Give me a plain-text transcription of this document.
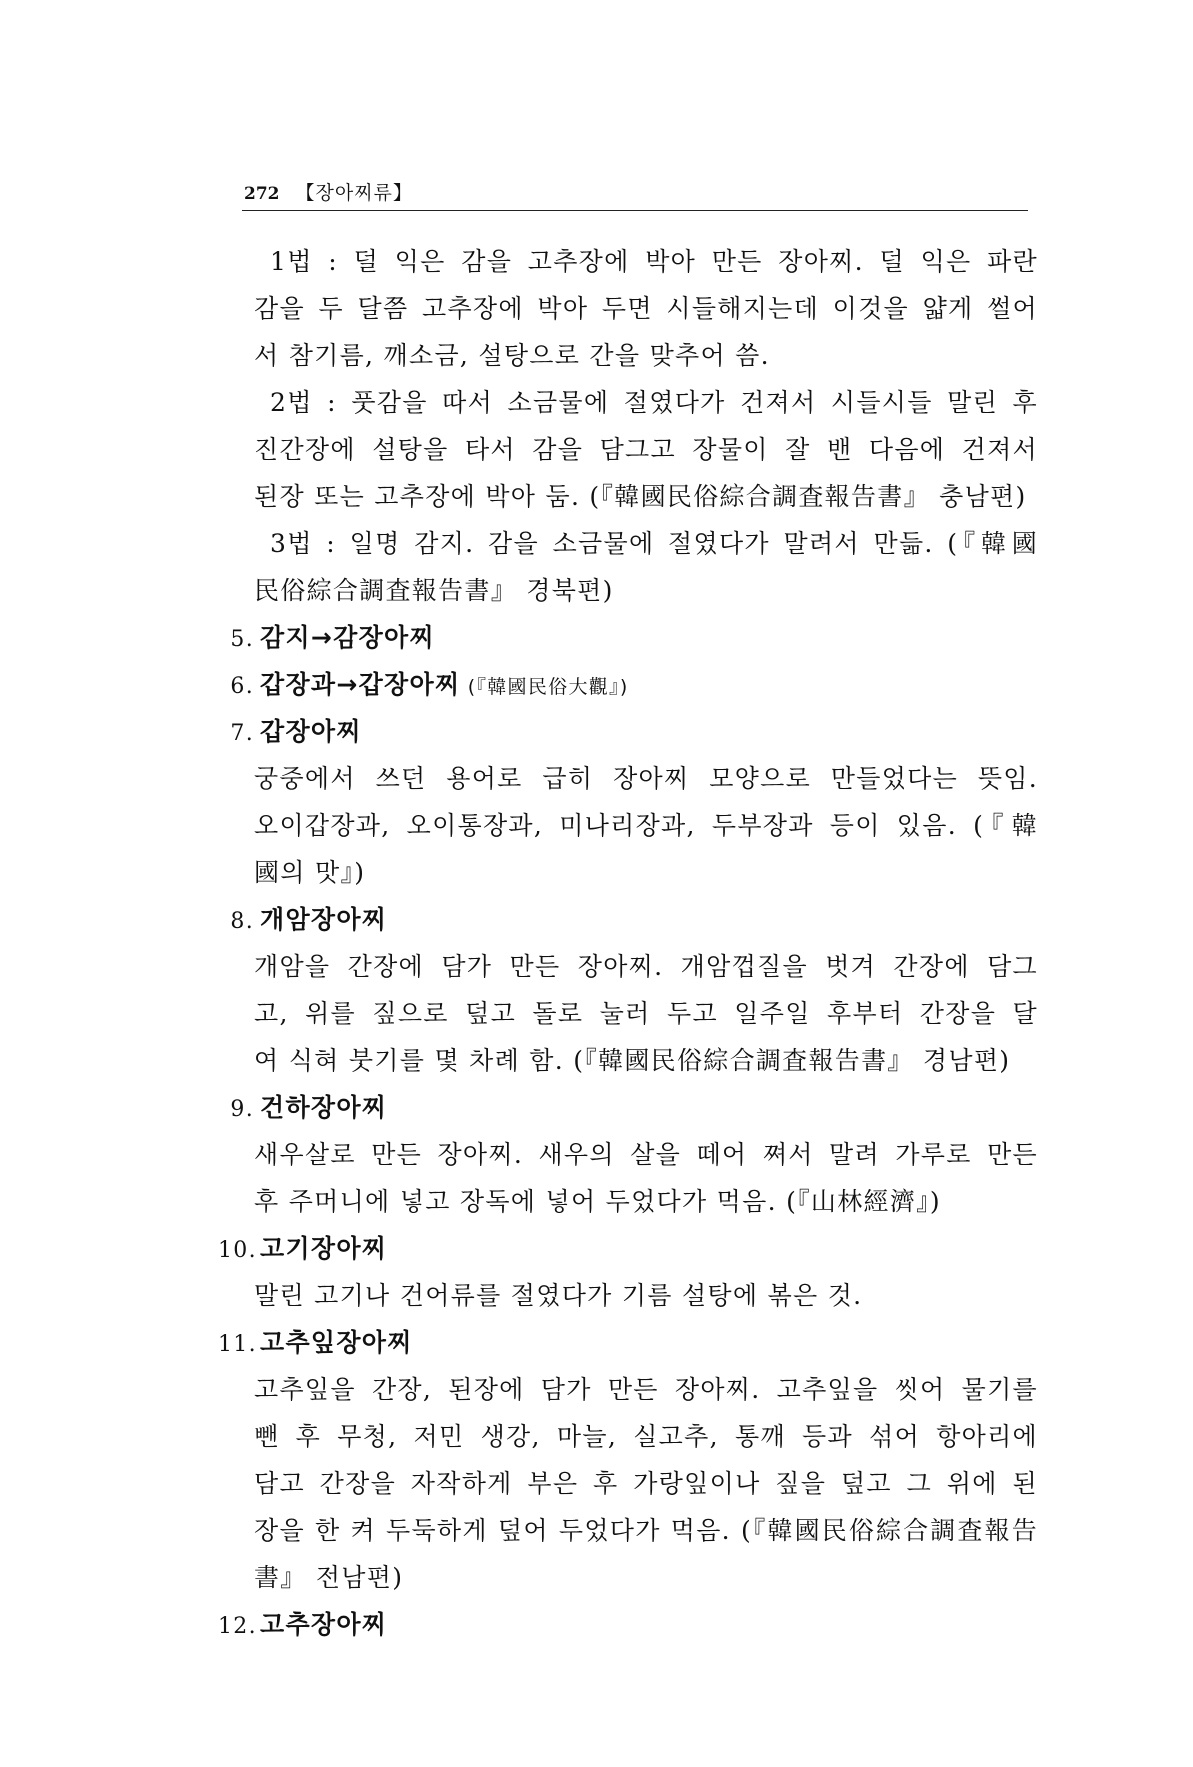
272 【장아찌류】
1법 : 덜 익은 감을 고추장에 박아 만든 장아찌. 덜 익은 파란
감을 두 달쯤 고추장에 박아 두면 시들해지는데 이것을 얇게 썰어
서 참기름, 깨소금, 설탕으로 간을 맞추어 씀.
2법 : 풋감을 따서 소금물에 절였다가 건져서 시들시들 말린 후
진간장에 설탕을 타서 감을 담그고 장물이 잘 밴 다음에 건져서
된장 또는 고추장에 박아 둠. (『韓國民俗綜合調査報告書』 충남편)
3법 : 일명 감지. 감을 소금물에 절였다가 말려서 만듦. (『韓國
民俗綜合調査報告書』 경북편)
5. 감지→감장아찌
6. 갑장과→갑장아찌 (『韓國民俗大觀』)
7. 갑장아찌
궁중에서 쓰던 용어로 급히 장아찌 모양으로 만들었다는 뜻임.
오이갑장과, 오이통장과, 미나리장과, 두부장과 등이 있음. (『韓
國의 맛』)
8. 개암장아찌
개암을 간장에 담가 만든 장아찌. 개암껍질을 벗겨 간장에 담그
고, 위를 짚으로 덮고 돌로 눌러 두고 일주일 후부터 간장을 달
여 식혀 붓기를 몇 차례 함. (『韓國民俗綜合調査報告書』 경남편)
9. 건하장아찌
새우살로 만든 장아찌. 새우의 살을 떼어 쪄서 말려 가루로 만든
후 주머니에 넣고 장독에 넣어 두었다가 먹음. (『山林經濟』)
10. 고기장아찌
말린 고기나 건어류를 절였다가 기름 설탕에 볶은 것.
11. 고추잎장아찌
고추잎을 간장, 된장에 담가 만든 장아찌. 고추잎을 씻어 물기를
뺀 후 무청, 저민 생강, 마늘, 실고추, 통깨 등과 섞어 항아리에
담고 간장을 자작하게 부은 후 가랑잎이나 짚을 덮고 그 위에 된
장을 한 켜 두둑하게 덮어 두었다가 먹음. (『韓國民俗綜合調査報告
書』 전남편)
12. 고추장아찌
